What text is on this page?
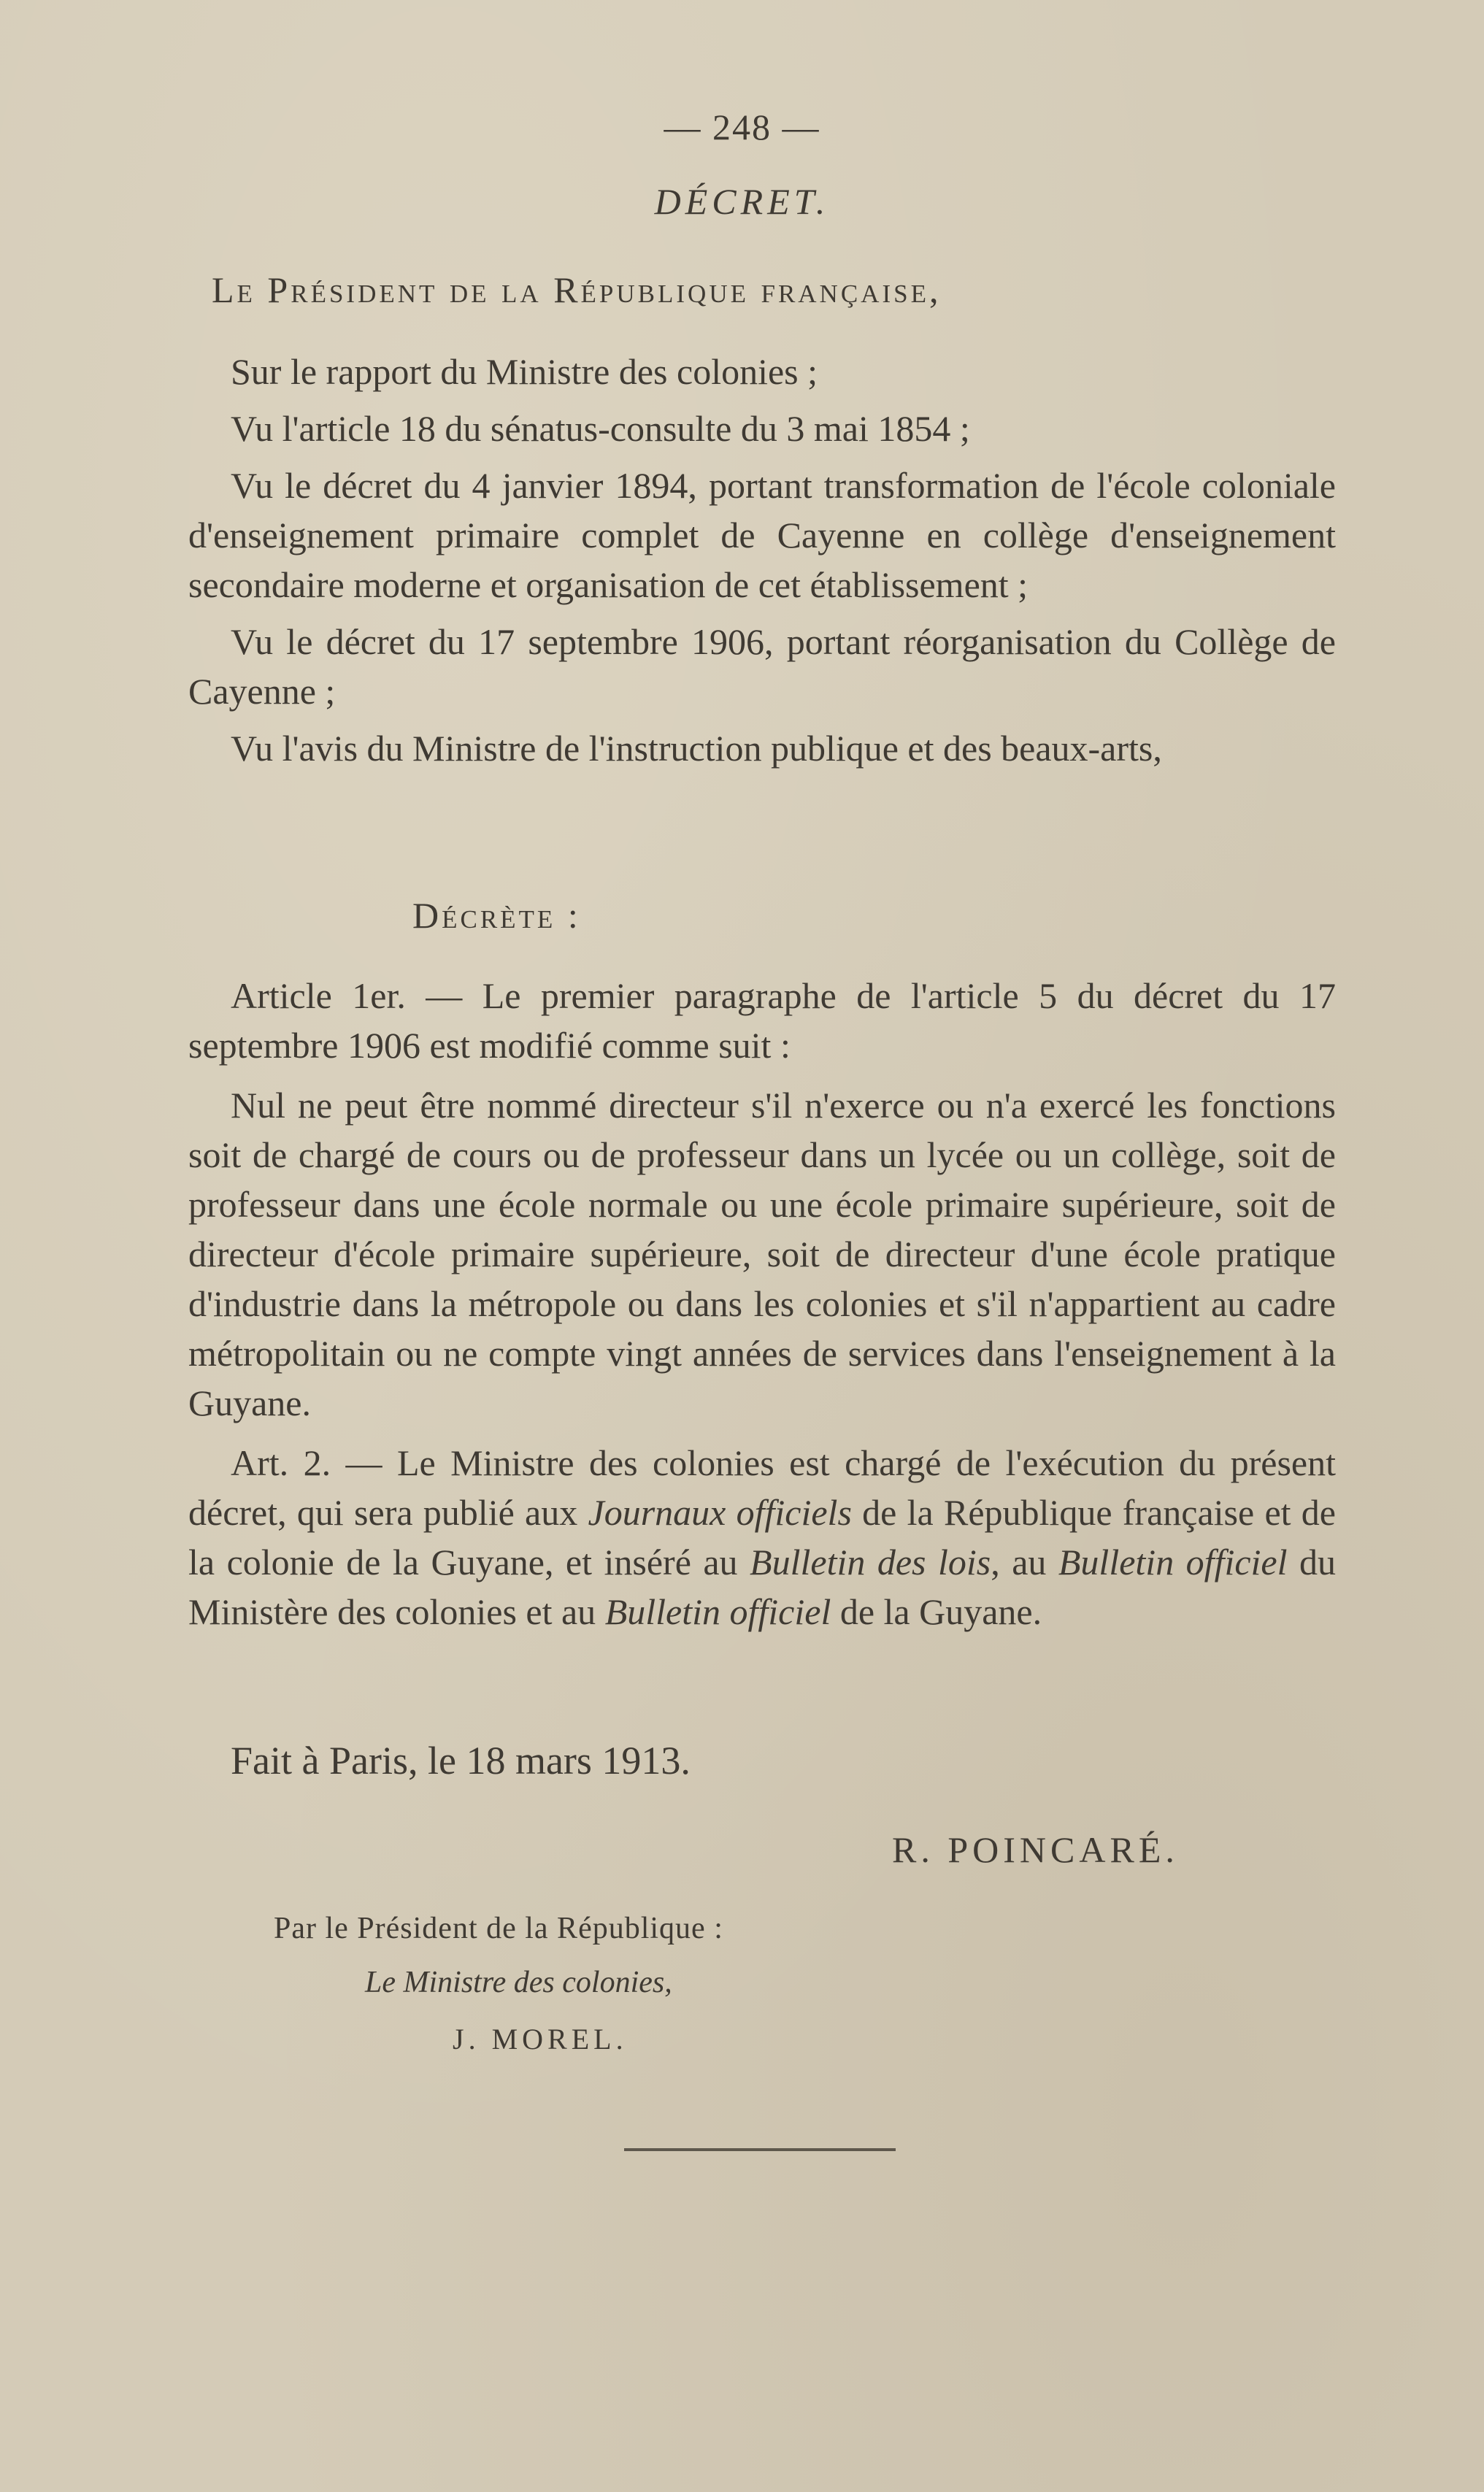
— 248 —
DÉCRET.
Le Président de la République française,

Sur le rapport du Ministre des colonies ;

Vu l'article 18 du sénatus-consulte du 3 mai 1854 ;

Vu le décret du 4 janvier 1894, portant transformation de l'école coloniale d'enseignement primaire complet de Cayenne en collège d'enseignement secondaire moderne et organisation de cet établissement ;

Vu le décret du 17 septembre 1906, portant réorganisation du Collège de Cayenne ;

Vu l'avis du Ministre de l'instruction publique et des beaux-arts,

Décrète :

Article 1er. — Le premier paragraphe de l'article 5 du décret du 17 septembre 1906 est modifié comme suit :

Nul ne peut être nommé directeur s'il n'exerce ou n'a exercé les fonctions soit de chargé de cours ou de professeur dans un lycée ou un collège, soit de professeur dans une école normale ou une école primaire supérieure, soit de directeur d'école primaire supérieure, soit de directeur d'une école pratique d'industrie dans la métropole ou dans les colonies et s'il n'appartient au cadre métropolitain ou ne compte vingt années de services dans l'enseignement à la Guyane.

Art. 2. — Le Ministre des colonies est chargé de l'exécution du présent décret, qui sera publié aux Journaux officiels de la République française et de la colonie de la Guyane, et inséré au Bulletin des lois, au Bulletin officiel du Ministère des colonies et au Bulletin officiel de la Guyane.

Fait à Paris, le 18 mars 1913.
R. POINCARÉ.
Par le Président de la République :
Le Ministre des colonies,
J. MOREL.
